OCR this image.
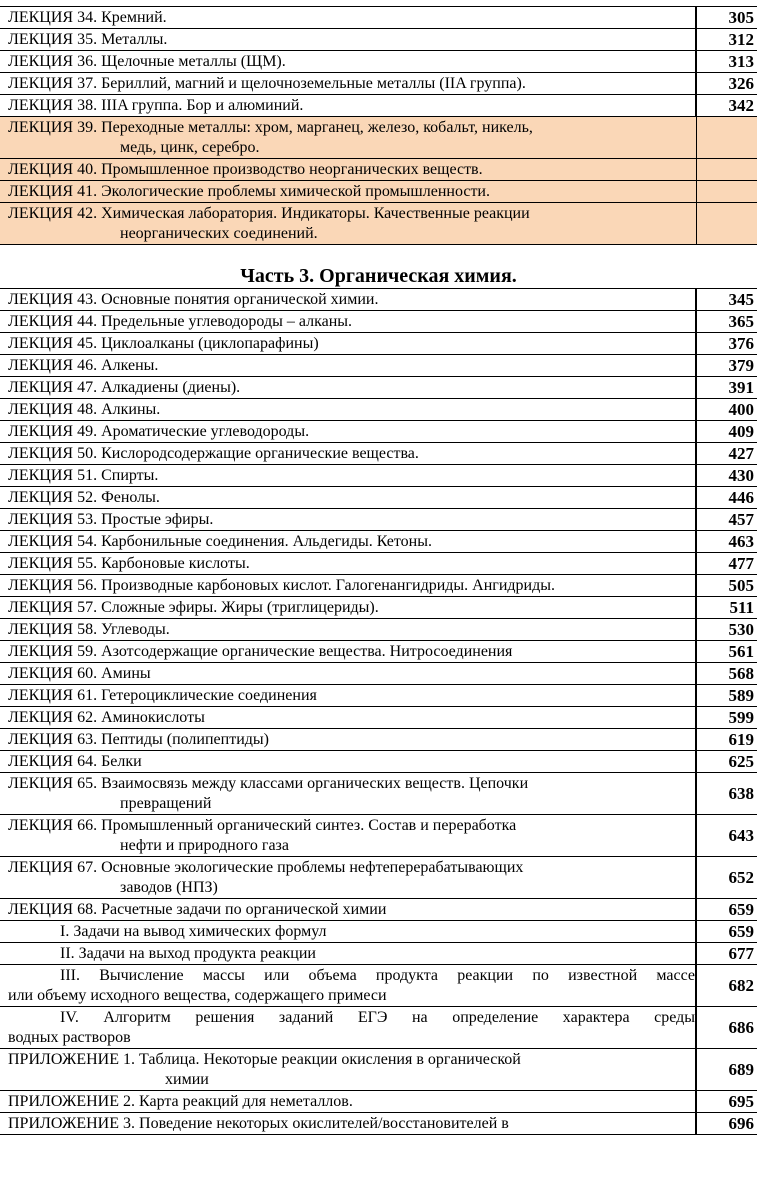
ЛЕКЦИЯ 34. Кремний.	305

ЛЕКЦИЯ 35. Металлы.	312

ЛЕКЦИЯ 36. Щелочные металлы (ЩМ).	313

ЛЕКЦИЯ 37. Бериллий, магний и щелочноземельные металлы (IIA группа).	326

ЛЕКЦИЯ 38. IIIA группа. Бор и алюминий.	342

ЛЕКЦИЯ 39. Переходные металлы: хром, марганец, железо, кобальт, никель,
медь, цинк, серебро.	

ЛЕКЦИЯ 40. Промышленное производство неорганических веществ.	

ЛЕКЦИЯ 41. Экологические проблемы химической промышленности.	

ЛЕКЦИЯ 42. Химическая лаборатория. Индикаторы. Качественные реакции
неорганических соединений.	

Часть 3. Органическая химия.
ЛЕКЦИЯ 43. Основные понятия органической химии.	345

ЛЕКЦИЯ 44. Предельные углеводороды – алканы.	365

ЛЕКЦИЯ 45. Циклоалканы (циклопарафины)	376

ЛЕКЦИЯ 46. Алкены.	379

ЛЕКЦИЯ 47. Алкадиены (диены).	391

ЛЕКЦИЯ 48. Алкины.	400

ЛЕКЦИЯ 49. Ароматические углеводороды.	409

ЛЕКЦИЯ 50. Кислородсодержащие органические вещества.	427

ЛЕКЦИЯ 51. Спирты.	430

ЛЕКЦИЯ 52. Фенолы.	446

ЛЕКЦИЯ 53. Простые эфиры.	457

ЛЕКЦИЯ 54. Карбонильные соединения. Альдегиды. Кетоны.	463

ЛЕКЦИЯ 55. Карбоновые кислоты.	477

ЛЕКЦИЯ 56. Производные карбоновых кислот. Галогенангидриды. Ангидриды.	505

ЛЕКЦИЯ 57. Сложные эфиры. Жиры (триглицериды).	511

ЛЕКЦИЯ 58. Углеводы.	530

ЛЕКЦИЯ 59. Азотсодержащие органические вещества. Нитросоединения	561

ЛЕКЦИЯ 60. Амины	568

ЛЕКЦИЯ 61. Гетероциклические соединения	589

ЛЕКЦИЯ 62. Аминокислоты	599

ЛЕКЦИЯ 63. Пептиды (полипептиды)	619

ЛЕКЦИЯ 64. Белки	625

ЛЕКЦИЯ 65. Взаимосвязь между классами органических веществ. Цепочки
превращений	638

ЛЕКЦИЯ 66. Промышленный органический синтез. Состав и переработка
нефти и природного газа	643

ЛЕКЦИЯ 67. Основные экологические проблемы нефтеперерабатывающих
заводов (НПЗ)	652

ЛЕКЦИЯ 68. Расчетные задачи по органической химии	659

I. Задачи на вывод химических формул	659

II. Задачи на выход продукта реакции	677

III. Вычисление массы или объема продукта реакции по известной массе
или объему исходного вещества, содержащего примеси	682

IV. Алгоритм решения заданий ЕГЭ на определение характера среды
водных растворов	686

ПРИЛОЖЕНИЕ 1. Таблица. Некоторые реакции окисления в органической
химии	689

ПРИЛОЖЕНИЕ 2. Карта реакций для неметаллов.	695

ПРИЛОЖЕНИЕ 3. Поведение некоторых окислителей/восстановителей в	696
